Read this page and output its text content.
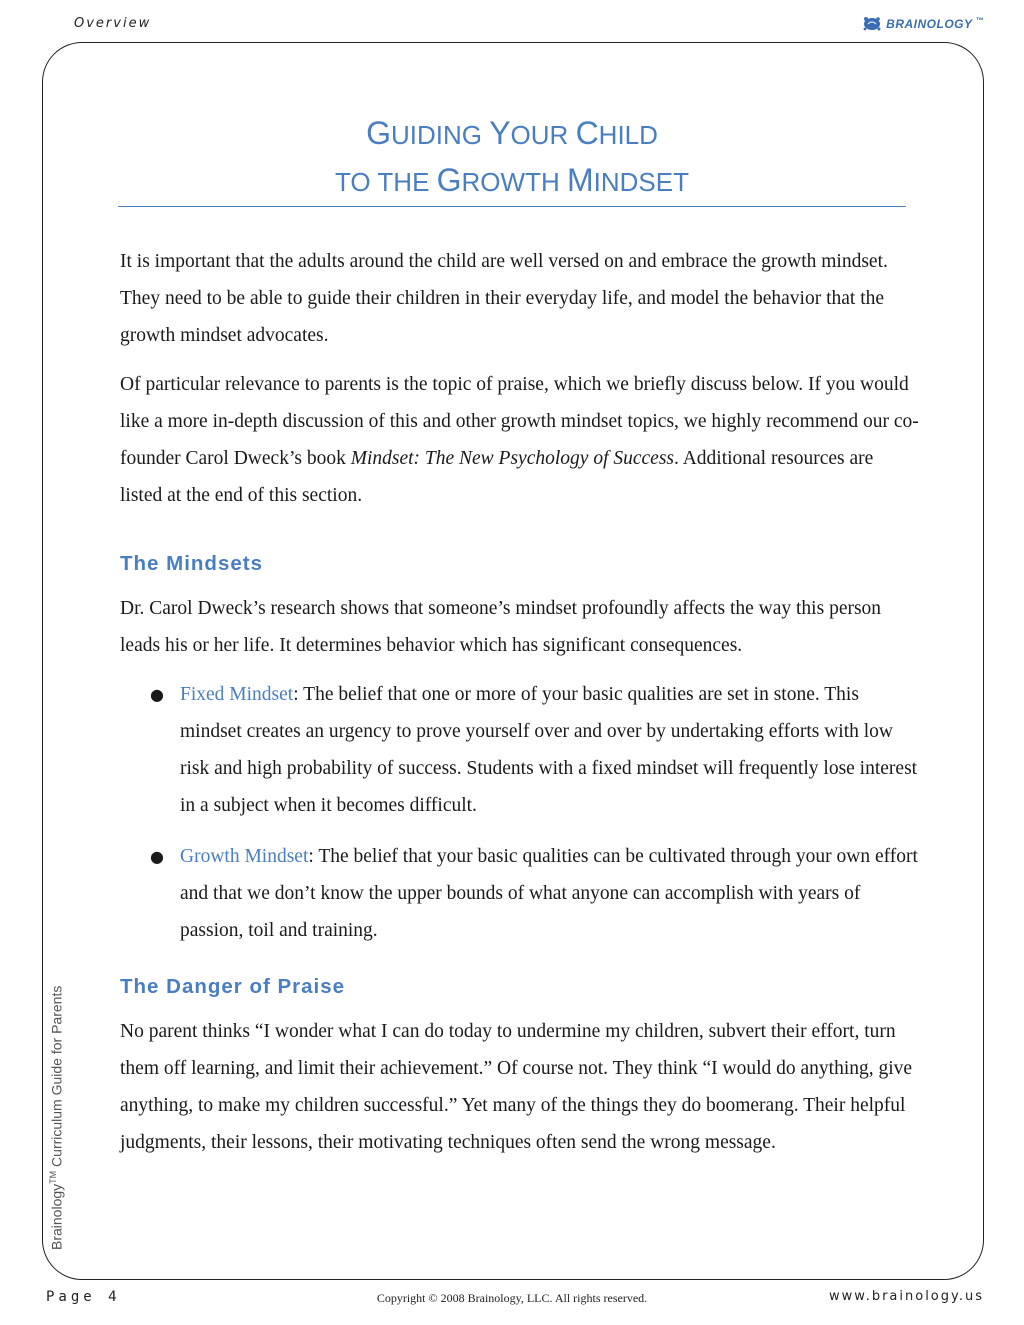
Overview	BRAINOLOGY ™
GUIDING YOUR CHILD
TO THE GROWTH MINDSET

It is important that the adults around the child are well versed on and embrace the growth mindset. They need to be able to guide their children in their everyday life, and model the behavior that the growth mindset advocates.

Of particular relevance to parents is the topic of praise, which we briefly discuss below. If you would like a more in-depth discussion of this and other growth mindset topics, we highly recommend our co-founder Carol Dweck’s book Mindset: The New Psychology of Success. Additional resources are listed at the end of this section.

The Mindsets

Dr. Carol Dweck’s research shows that someone’s mindset profoundly affects the way this person leads his or her life. It determines behavior which has significant consequences.

● Fixed Mindset: The belief that one or more of your basic qualities are set in stone. This mindset creates an urgency to prove yourself over and over by undertaking efforts with low risk and high probability of success. Students with a fixed mindset will frequently lose interest in a subject when it becomes difficult.
● Growth Mindset: The belief that your basic qualities can be cultivated through your own effort and that we don’t know the upper bounds of what anyone can accomplish with years of passion, toil and training.
The Danger of Praise

No parent thinks “I wonder what I can do today to undermine my children, subvert their effort, turn them off learning, and limit their achievement.” Of course not. They think “I would do anything, give anything, to make my children successful.” Yet many of the things they do boomerang. Their helpful judgments, their lessons, their motivating techniques often send the wrong message.

Brainology™ Curriculum Guide for Parents
Page 4	Copyright © 2008 Brainology, LLC. All rights reserved.	www.brainology.us
